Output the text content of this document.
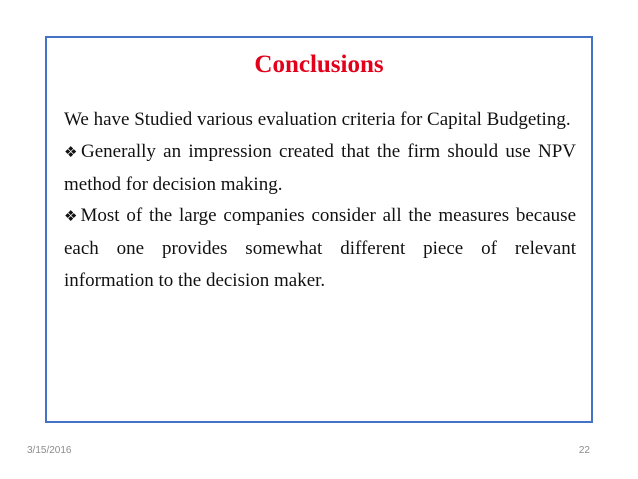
Conclusions

We have Studied various evaluation criteria for Capital Budgeting.

❖Generally an impression created that the firm should use NPV method for decision making.

❖Most of the large companies consider all the measures because each one provides somewhat different piece of relevant information to the decision maker.

3/15/2016	22
